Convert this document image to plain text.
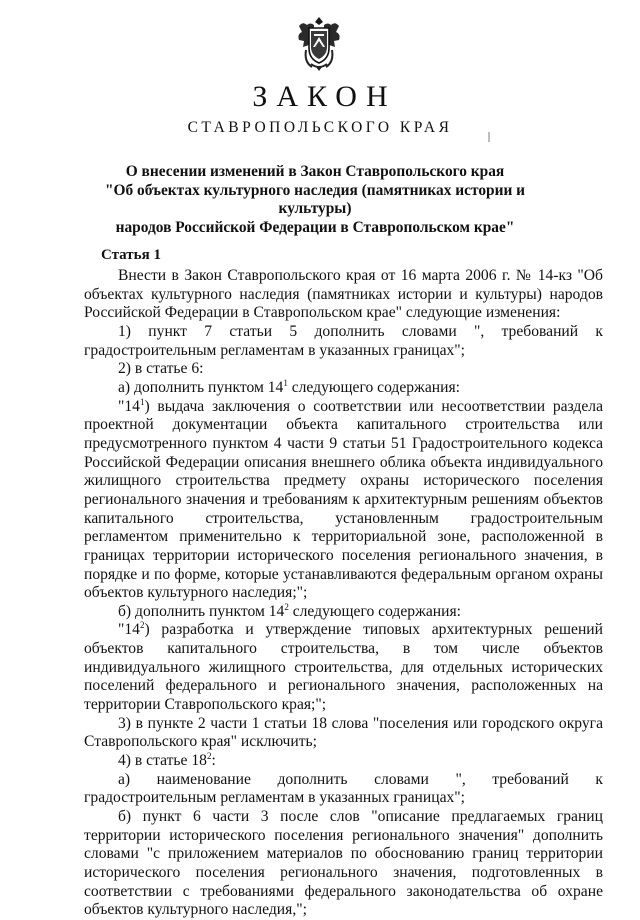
ЗАКОН
СТАВРОПОЛЬСКОГО КРАЯ
О внесении изменений в Закон Ставропольского края
"Об объектах культурного наследия (памятниках истории и культуры)
народов Российской Федерации в Ставропольском крае"
Статья 1

Внести в Закон Ставропольского края от 16 марта 2006 г. № 14-кз "Об объектах культурного наследия (памятниках истории и культуры) народов Российской Федерации в Ставропольском крае" следующие изменения:

1) пункт 7 статьи 5 дополнить словами ", требований к градостроительным регламентам в указанных границах";

2) в статье 6:

а) дополнить пунктом $14^1$ следующего содержания:

"$14^1$) выдача заключения о соответствии или несоответствии раздела проектной документации объекта капитального строительства или предусмотренного пунктом 4 части 9 статьи 51 Градостроительного кодекса Российской Федерации описания внешнего облика объекта индивидуального жилищного строительства предмету охраны исторического поселения регионального значения и требованиям к архитектурным решениям объектов капитального строительства, установленным градостроительным регламентом применительно к территориальной зоне, расположенной в границах территории исторического поселения регионального значения, в порядке и по форме, которые устанавливаются федеральным органом охраны объектов культурного наследия;";

б) дополнить пунктом $14^2$ следующего содержания:

"$14^2$) разработка и утверждение типовых архитектурных решений объектов капитального строительства, в том числе объектов индивидуального жилищного строительства, для отдельных исторических поселений федерального и регионального значения, расположенных на территории Ставропольского края;";

3) в пункте 2 части 1 статьи 18 слова "поселения или городского округа Ставропольского края" исключить;

4) в статье $18^2$:

а) наименование дополнить словами ", требований к градостроительным регламентам в указанных границах";

б) пункт 6 части 3 после слов "описание предлагаемых границ территории исторического поселения регионального значения" дополнить словами "с приложением материалов по обоснованию границ территории исторического поселения регионального значения, подготовленных в соответствии с требованиями федерального законодательства об охране объектов культурного наследия,";
